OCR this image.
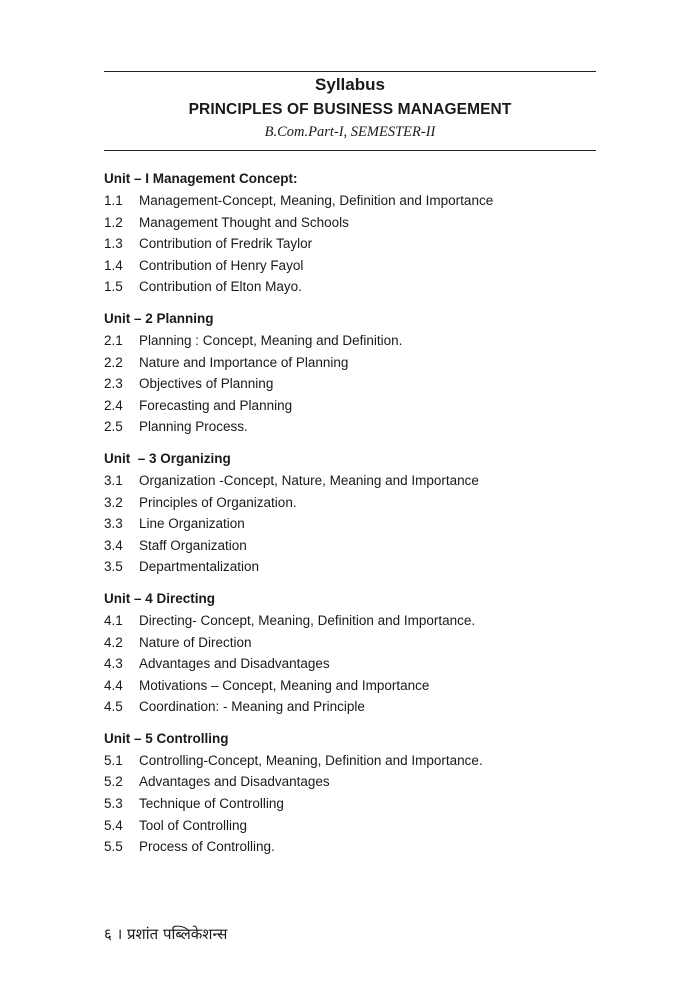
Syllabus
PRINCIPLES OF BUSINESS MANAGEMENT
B.Com.Part-I, SEMESTER-II
Unit – I Management Concept:
1.1	Management-Concept, Meaning, Definition and Importance
1.2	Management Thought and Schools
1.3	Contribution of Fredrik Taylor
1.4	Contribution of Henry Fayol
1.5	Contribution of Elton Mayo.
Unit – 2 Planning
2.1	Planning : Concept, Meaning and Definition.
2.2	Nature and Importance of Planning
2.3	Objectives of Planning
2.4	Forecasting and Planning
2.5	Planning Process.
Unit  – 3 Organizing
3.1	Organization -Concept, Nature, Meaning and Importance
3.2	Principles of Organization.
3.3	Line Organization
3.4	Staff Organization
3.5	Departmentalization
Unit – 4 Directing
4.1	Directing- Concept, Meaning, Definition and Importance.
4.2	Nature of Direction
4.3	Advantages and Disadvantages
4.4	Motivations – Concept, Meaning and Importance
4.5	Coordination: - Meaning and Principle
Unit – 5 Controlling
5.1	Controlling-Concept, Meaning, Definition and Importance.
5.2	Advantages and Disadvantages
5.3	Technique of Controlling
5.4	Tool of Controlling
5.5	Process of Controlling.
६ । प्रशांत पब्लिकेशन्स
